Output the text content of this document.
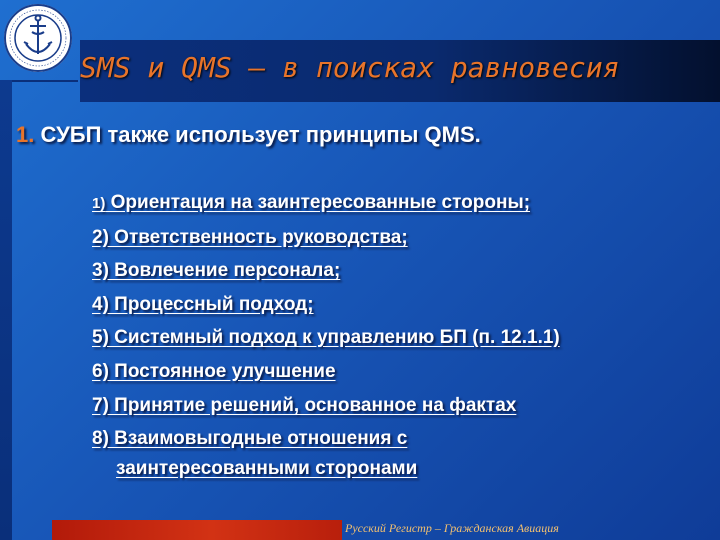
SMS и QMS – в поисках равновесия
1. СУБП также использует принципы QMS.
1) Ориентация на заинтересованные стороны;
2) Ответственность руководства;
3) Вовлечение персонала;
4) Процессный подход;
5) Системный подход к управлению БП (п. 12.1.1)
6) Постоянное улучшение
7) Принятие решений, основанное на фактах
8) Взаимовыгодные отношения с
заинтересованными сторонами
Русский Регистр – Гражданская Авиация
